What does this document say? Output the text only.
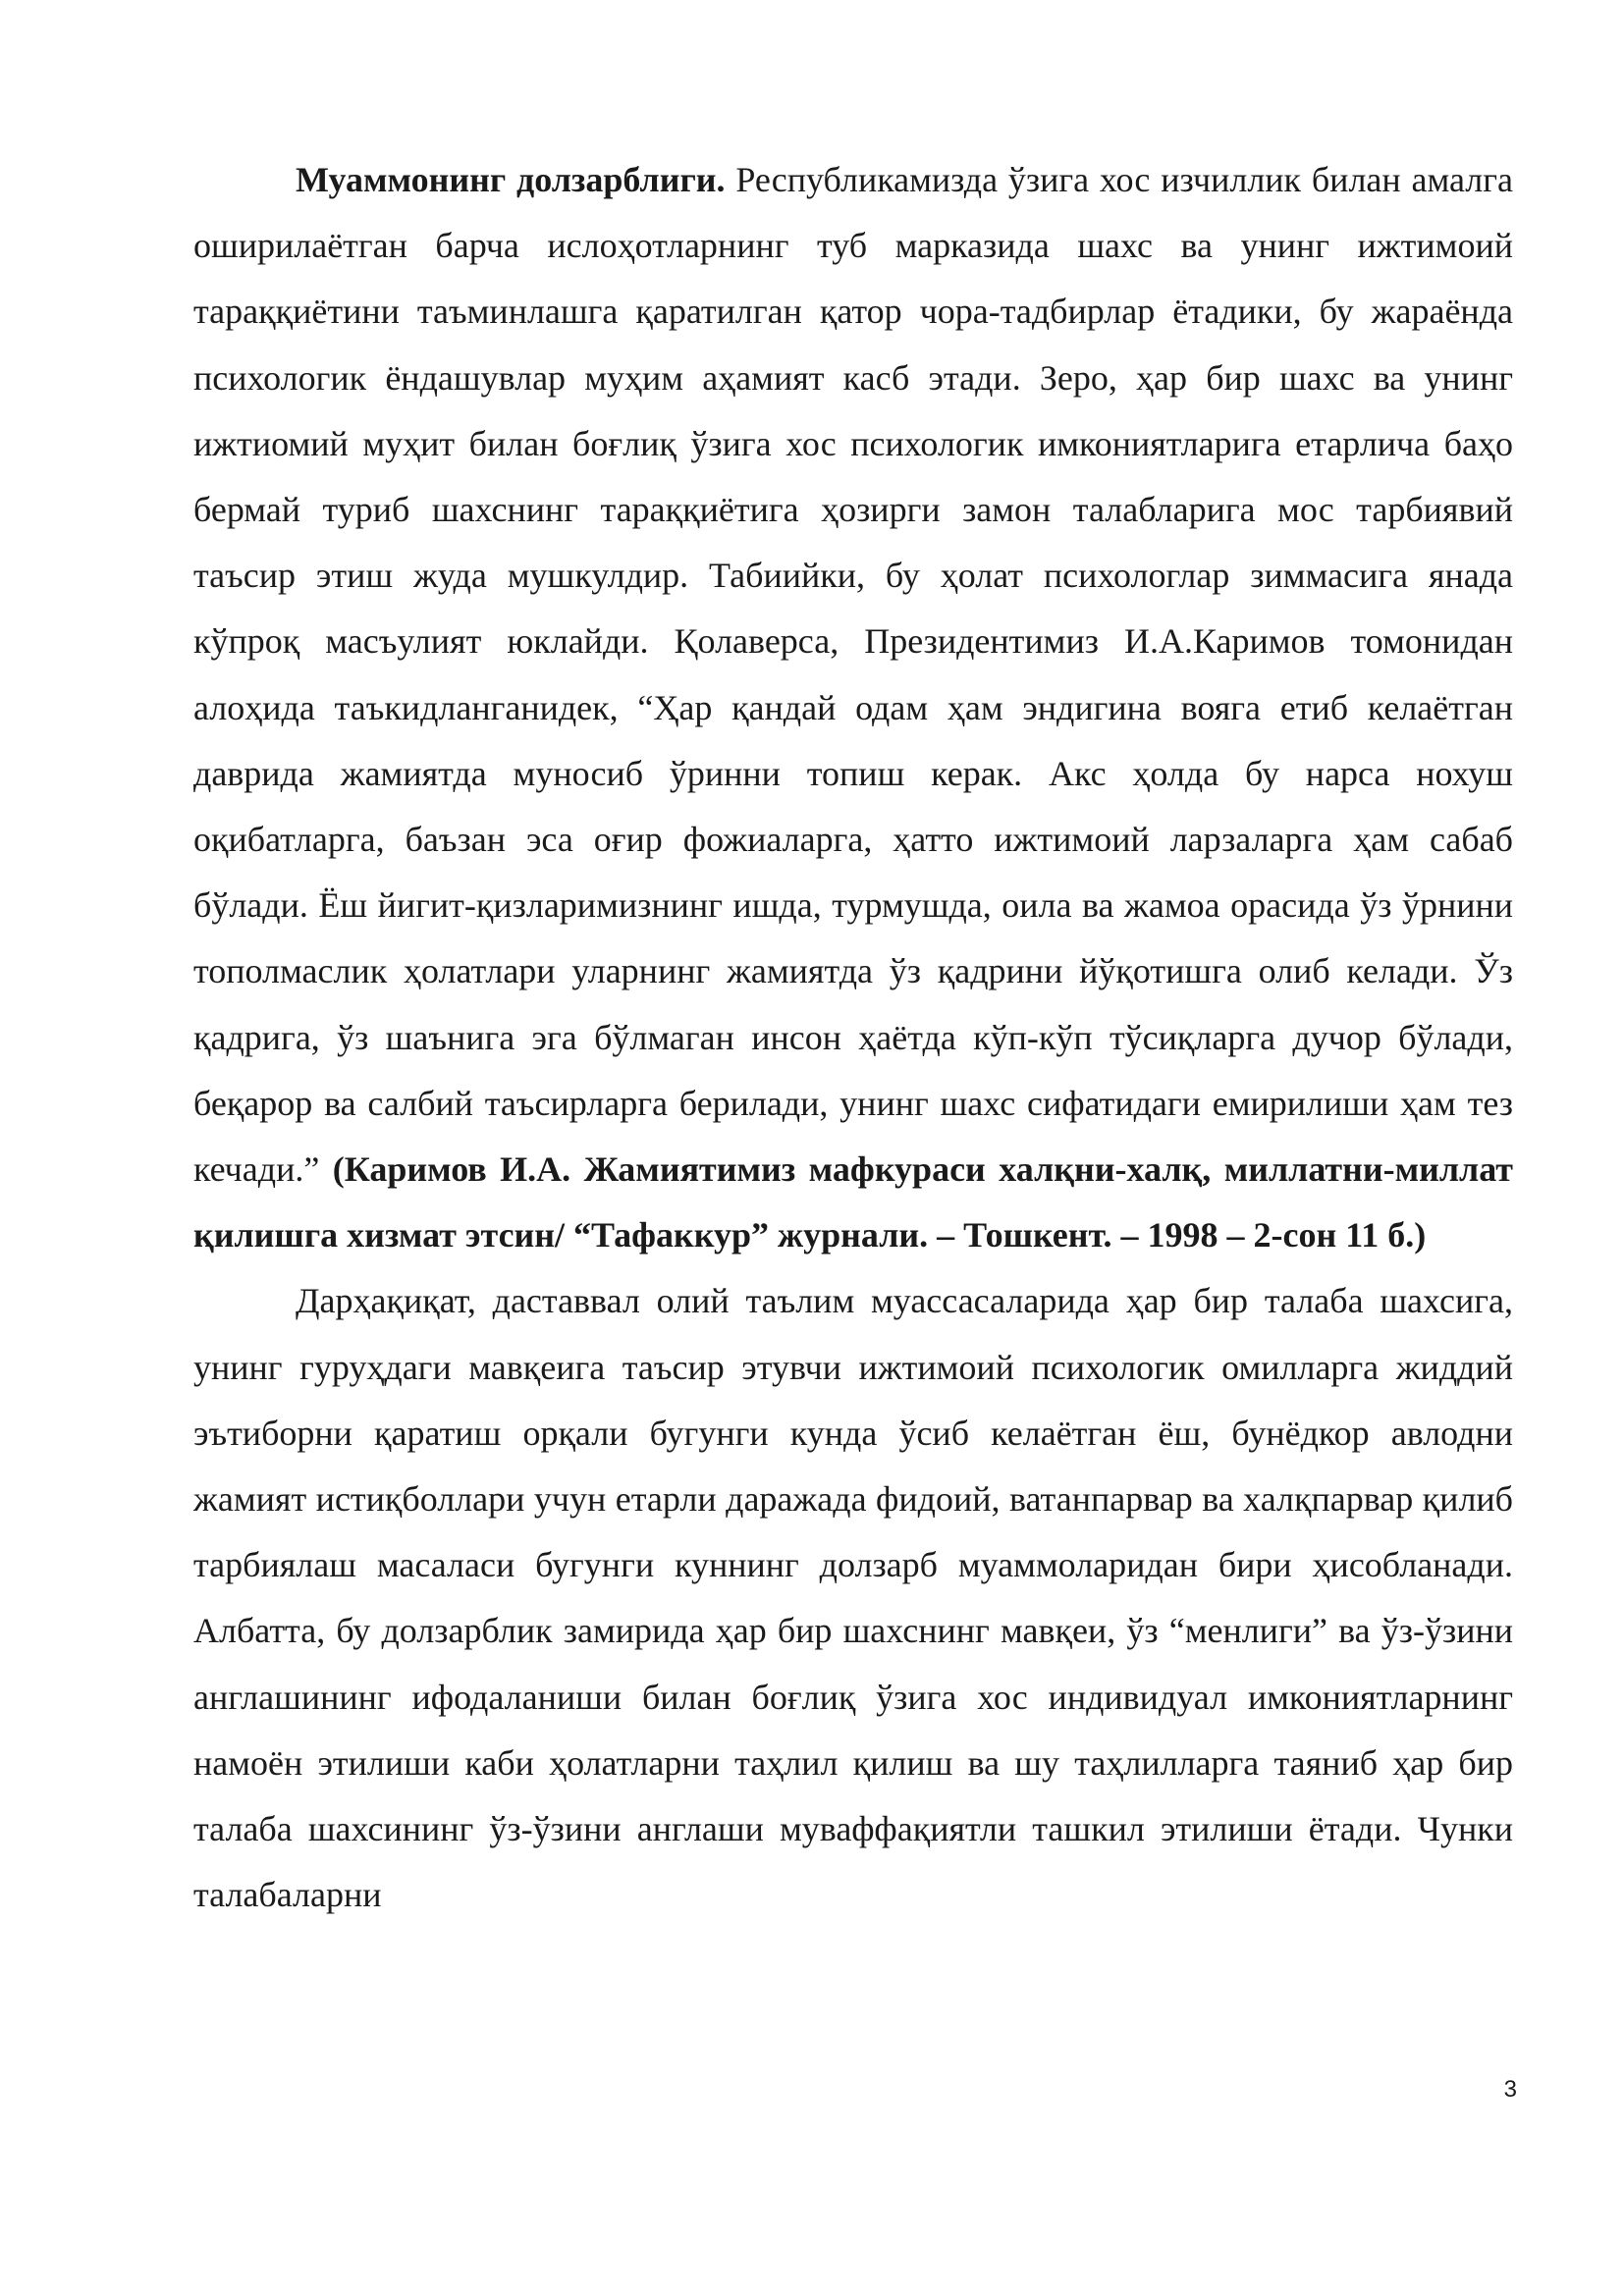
Муаммонинг долзарблиги. Республикамизда ўзига хос изчиллик билан амалга оширилаётган барча ислоҳотларнинг туб марказида шахс ва унинг ижтимоий тараққиётини таъминлашга қаратилган қатор чора-тадбирлар ётадики, бу жараёнда психологик ёндашувлар муҳим аҳамият касб этади. Зеро, ҳар бир шахс ва унинг ижтиомий муҳит билан боғлиқ ўзига хос психологик имкониятларига етарлича баҳо бермай туриб шахснинг тараққиётига ҳозирги замон талабларига мос тарбиявий таъсир этиш жуда мушкулдир. Табиийки, бу ҳолат психологлар зиммасига янада кўпроқ масъулият юклайди. Қолаверса, Президентимиз И.А.Каримов томонидан алоҳида таъкидланганидек, “Ҳар қандай одам ҳам эндигина вояга етиб келаётган даврида жамиятда муносиб ўринни топиш керак. Акс ҳолда бу нарса нохуш оқибатларга, баъзан эса оғир фожиаларга, ҳатто ижтимоий ларзаларга ҳам сабаб бўлади. Ёш йигит-қизларимизнинг ишда, турмушда, оила ва жамоа орасида ўз ўрнини тополмаслик ҳолатлари уларнинг жамиятда ўз қадрини йўқотишга олиб келади. Ўз қадрига, ўз шаънига эга бўлмаган инсон ҳаётда кўп-кўп тўсиқларга дучор бўлади, беқарор ва салбий таъсирларга берилади, унинг шахс сифатидаги емирилиши ҳам тез кечади.” (Каримов И.А. Жамиятимиз мафкураси халқни-халқ, миллатни-миллат қилишга хизмат этсин/ “Тафаккур” журнали. – Тошкент. – 1998 – 2-сон 11 б.)

Дарҳақиқат, даставвал олий таълим муассасаларида ҳар бир талаба шахсига, унинг гуруҳдаги мавқеига таъсир этувчи ижтимоий психологик омилларга жиддий эътиборни қаратиш орқали бугунги кунда ўсиб келаётган ёш, бунёдкор авлодни жамият истиқболлари учун етарли даражада фидоий, ватанпарвар ва халқпарвар қилиб тарбиялаш масаласи бугунги куннинг долзарб муаммоларидан бири ҳисобланади. Албатта, бу долзарблик замирида ҳар бир шахснинг мавқеи, ўз “менлиги” ва ўз-ўзини англашининг ифодаланиши билан боғлиқ ўзига хос индивидуал имкониятларнинг намоён этилиши каби ҳолатларни таҳлил қилиш ва шу таҳлилларга таяниб ҳар бир талаба шахсининг ўз-ўзини англаши муваффақиятли ташкил этилиши ётади. Чунки талабаларни

3
